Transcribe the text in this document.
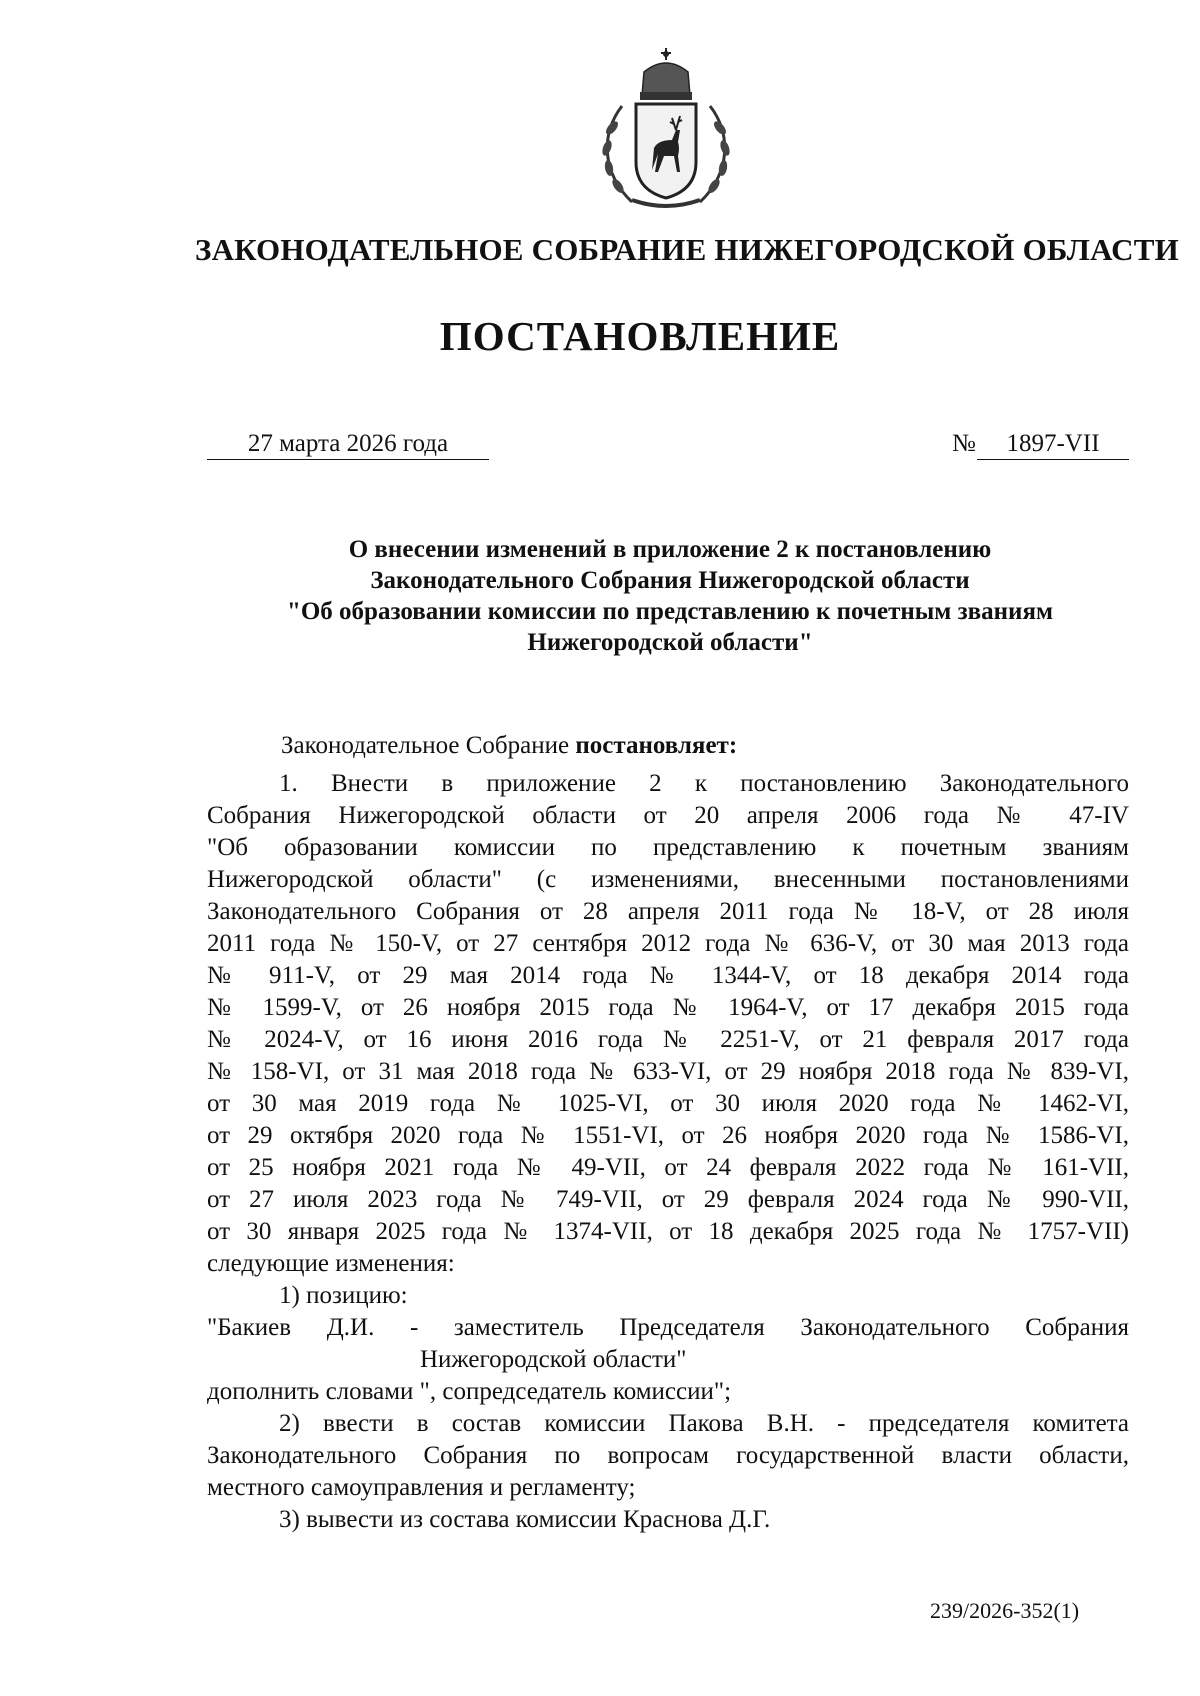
ЗАКОНОДАТЕЛЬНОЕ СОБРАНИЕ НИЖЕГОРОДСКОЙ ОБЛАСТИ
ПОСТАНОВЛЕНИЕ
27 марта 2026 года	№	1897-VII
О внесении изменений в приложение 2 к постановлению
Законодательного Собрания Нижегородской области
"Об образовании комиссии по представлению к почетным званиям
Нижегородской области"
Законодательное Собрание постановляет:
1. Внести в приложение 2 к постановлению Законодательного
Собрания Нижегородской области от 20 апреля 2006 года № 47-IV
"Об образовании комиссии по представлению к почетным званиям
Нижегородской области" (с изменениями, внесенными постановлениями
Законодательного Собрания от 28 апреля 2011 года № 18-V, от 28 июля
2011 года № 150-V, от 27 сентября 2012 года № 636-V, от 30 мая 2013 года
№ 911-V, от 29 мая 2014 года № 1344-V, от 18 декабря 2014 года
№ 1599-V, от 26 ноября 2015 года № 1964-V, от 17 декабря 2015 года
№ 2024-V, от 16 июня 2016 года № 2251-V, от 21 февраля 2017 года
№ 158-VI, от 31 мая 2018 года № 633-VI, от 29 ноября 2018 года № 839-VI,
от 30 мая 2019 года № 1025-VI, от 30 июля 2020 года № 1462-VI,
от 29 октября 2020 года № 1551-VI, от 26 ноября 2020 года № 1586-VI,
от 25 ноября 2021 года № 49-VII, от 24 февраля 2022 года № 161-VII,
от 27 июля 2023 года № 749-VII, от 29 февраля 2024 года № 990-VII,
от 30 января 2025 года № 1374-VII, от 18 декабря 2025 года № 1757-VII)
следующие изменения:
1) позицию:
"Бакиев Д.И. - заместитель Председателя Законодательного Собрания
Нижегородской области"
дополнить словами ", сопредседатель комиссии";
2) ввести в состав комиссии Пакова В.Н. - председателя комитета
Законодательного Собрания по вопросам государственной власти области,
местного самоуправления и регламенту;
3) вывести из состава комиссии Краснова Д.Г.
239/2026-352(1)
